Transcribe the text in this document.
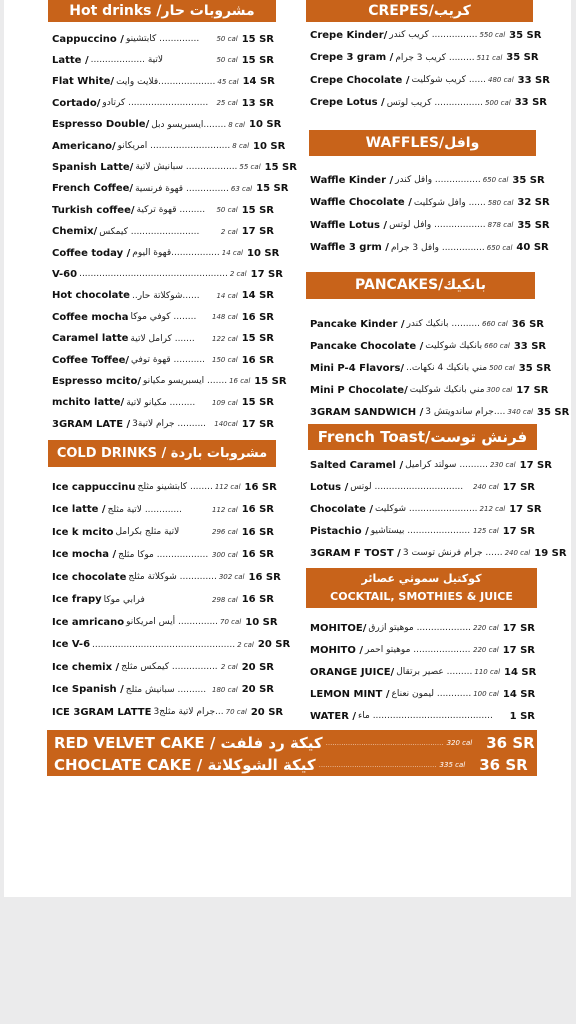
Hot drinks /مشروبات حار
Cappuccino / كابتشينو ..............	50 cal 15 SR
Latte / ................... لاتية	50 cal 15 SR
Flat White/ فلايت وايت.................... 45 cal 14 SR
Cortado/ كرتادو ............................	25 cal 13 SR
Espresso Double/ ايسبريسو دبل........ 8 cal 10 SR
Americano/ امريكانو ............................ 8 cal 10 SR
Spanish Latte/ سبانيش لاتية .................. 55 cal 15 SR
French Coffee/ قهوة فرنسية ............... 63 cal 15 SR
Turkish coffee/ قهوة تركية .........	50 cal 15 SR
Chemix/ كيمكس ........................	2 cal 17 SR
Coffee today / قهوة اليوم................. 14 cal 10 SR
V-60 .................................................... 2 cal 17 SR
Hot chocolate ..شوكلاتة حار......	14 cal 14 SR
Coffee mocha كوفي موكا ........	148 cal 16 SR
Caramel latte كرامل لاتية .......	122 cal 15 SR
Coffee Toffee/ قهوة توفي ........... 150 cal 16 SR
Espresso mcito/ ايسبريسو مكيانو ....... 16 cal 15 SR
mchito latte/ مكيانو لاتية .........	109 cal 15 SR
3GRAM LATE / 3جرام لاتية ..........	140cal 17 SR
COLD DRINKS / مشروبات باردة
Ice cappuccinu كابتشينو مثلج ........ 112 cal 16 SR
Ice latte / لاتية مثلج .............	112 cal 16 SR
Ice k mcito لاتية مثلج بكرامل	296 cal 16 SR
Ice mocha / موكا مثلج .................. 300 cal 16 SR
Ice chocolate شوكلاتة مثلج ............. 302 cal 16 SR
Ice frapy فرابي موكا	298 cal 16 SR
Ice amricano أيس امريكانو .............. 70 cal 10 SR
Ice V-6 .................................................. 2 cal 20 SR
Ice chemix / كيمكس مثلج ................ 2 cal 20 SR
Ice Spanish / سبانيش مثلج .......... 180 cal 20 SR
ICE 3GRAM LATTE 3جرام لاتية مثلج... 70 cal 20 SR
CREPES/كريب
Crepe Kinder/ كريب كندر ................ 550 cal 35 SR
Crepe 3 gram / كريب 3 جرام ......... 511 cal 35 SR
Crepe Chocolate / كريب شوكليت ...... 480 cal 33 SR
Crepe Lotus / كريب لوتس ................. 500 cal 33 SR
WAFFLES/وافل
Waffle Kinder / وافل كندر ................ 650 cal 35 SR
Waffle Chocolate / وافل شوكليت ...... 580 cal 32 SR
Waffle Lotus / وافل لوتس .................. 878 cal 35 SR
Waffle 3 grm / وافل 3 جرام ............... 650 cal 40 SR
PANCAKES/بانكيك
Pancake Kinder / بانكيك كندر .......... 660 cal 36 SR
Pancake Chocolate / بانكيك شوكليت 660 cal 33 SR
Mini P-4 Flavors/ ..مني بانكيك 4 نكهات 500 cal 35 SR
Mini P Chocolate/ مني بانكيك شوكليت 300 cal 17 SR
3GRAM SANDWICH / 3 جرام ساندويتش.... 340 cal 35 SR
French Toast/فرنش توست
Salted Caramel / سولتد كراميل .......... 230 cal 17 SR
Lotus / لوتس ...............................	240 cal 17 SR
Chocolate / شوكليت ........................ 212 cal 17 SR
Pistachio / بيستاشيو ...................... 125 cal 17 SR
3GRAM F TOST / 3 جرام فرنش توست ...... 240 cal 19 SR
كوكتيل سموثي عصائر
COCKTAIL, SMOTHIES & JUICE
MOHITOE/ موهيتو ازرق ................... 220 cal 17 SR
MOHITO / موهيتو احمر .................... 220 cal 17 SR
ORANGE JUICE/ عصير برتقال ......... 110 cal 14 SR
LEMON MINT / ليمون نعناع ............ 100 cal 14 SR
WATER / ماء ..........................................	1 SR
RED VELVET CAKE / كيكة رد فلفت ..................................................... 320 cal 36 SR
CHOCLATE CAKE / كيكة الشوكلاتة ..................................................... 335 cal 36 SR
